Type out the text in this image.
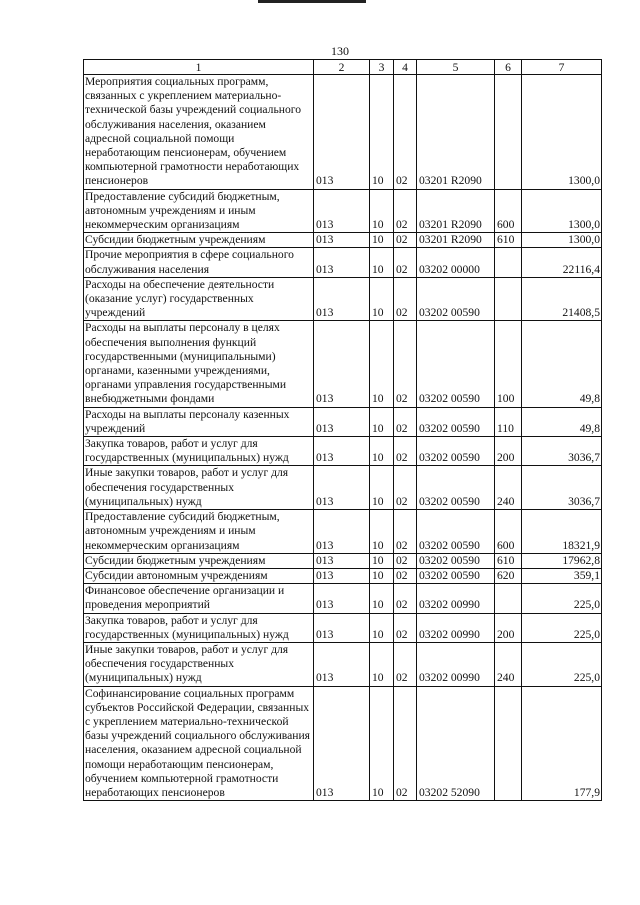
130
1	2	3	4	5	6	7
Мероприятия социальных программ, связанных с укреплением материально-технической базы учреждений социального обслуживания населения, оказанием адресной социальной помощи неработающим пенсионерам, обучением компьютерной грамотности неработающих пенсионеров	013	10	02	03201 R2090		1300,0
Предоставление субсидий бюджетным, автономным учреждениям и иным некоммерческим организациям	013	10	02	03201 R2090	600	1300,0
Субсидии бюджетным учреждениям	013	10	02	03201 R2090	610	1300,0
Прочие мероприятия в сфере социального обслуживания населения	013	10	02	03202 00000		22116,4
Расходы на обеспечение деятельности (оказание услуг) государственных учреждений	013	10	02	03202 00590		21408,5
Расходы на выплаты персоналу в целях обеспечения выполнения функций государственными (муниципальными) органами, казенными учреждениями, органами управления государственными внебюджетными фондами	013	10	02	03202 00590	100	49,8
Расходы на выплаты персоналу казенных учреждений	013	10	02	03202 00590	110	49,8
Закупка товаров, работ и услуг для государственных (муниципальных) нужд	013	10	02	03202 00590	200	3036,7
Иные закупки товаров, работ и услуг для обеспечения государственных (муниципальных) нужд	013	10	02	03202 00590	240	3036,7
Предоставление субсидий бюджетным, автономным учреждениям и иным некоммерческим организациям	013	10	02	03202 00590	600	18321,9
Субсидии бюджетным учреждениям	013	10	02	03202 00590	610	17962,8
Субсидии автономным учреждениям	013	10	02	03202 00590	620	359,1
Финансовое обеспечение организации и проведения мероприятий	013	10	02	03202 00990		225,0
Закупка товаров, работ и услуг для государственных (муниципальных) нужд	013	10	02	03202 00990	200	225,0
Иные закупки товаров, работ и услуг для обеспечения государственных (муниципальных) нужд	013	10	02	03202 00990	240	225,0
Софинансирование социальных программ субъектов Российской Федерации, связанных с укреплением материально-технической базы учреждений социального обслуживания населения, оказанием адресной социальной помощи неработающим пенсионерам, обучением компьютерной грамотности неработающих пенсионеров	013	10	02	03202 52090		177,9
